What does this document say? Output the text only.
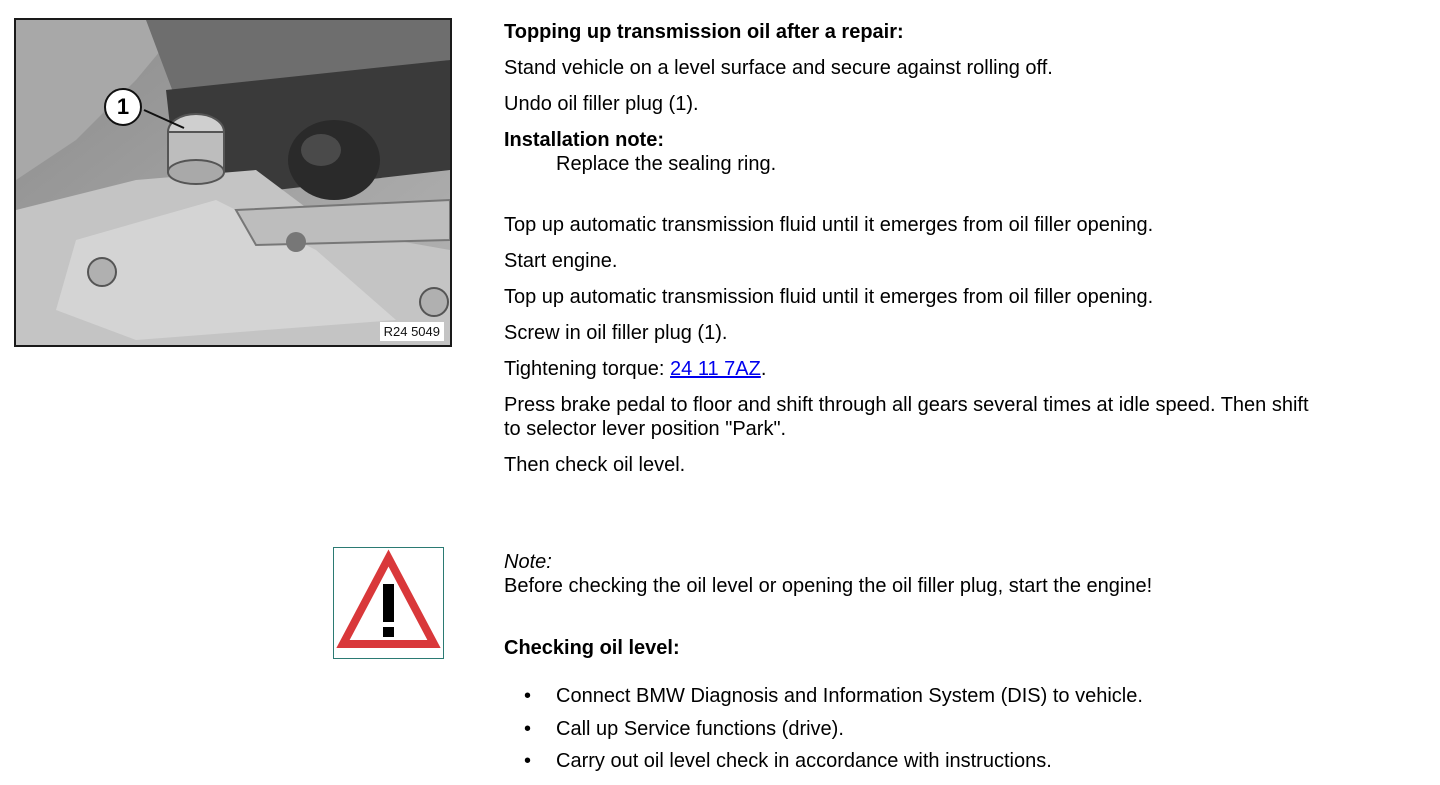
1
R24 5049
Topping up transmission oil after a repair:
Stand vehicle on a level surface and secure against rolling off.
Undo oil filler plug (1).
Installation note:
Replace the sealing ring.
Top up automatic transmission fluid until it emerges from oil filler opening.
Start engine.
Top up automatic transmission fluid until it emerges from oil filler opening.
Screw in oil filler plug (1).
Tightening torque: 24 11 7AZ.
Press brake pedal to floor and shift through all gears several times at idle speed. Then shift
to selector lever position "Park".
Then check oil level.
Note:
Before checking the oil level or opening the oil filler plug, start the engine!
Checking oil level:
• Connect BMW Diagnosis and Information System (DIS) to vehicle.
• Call up Service functions (drive).
• Carry out oil level check in accordance with instructions.
